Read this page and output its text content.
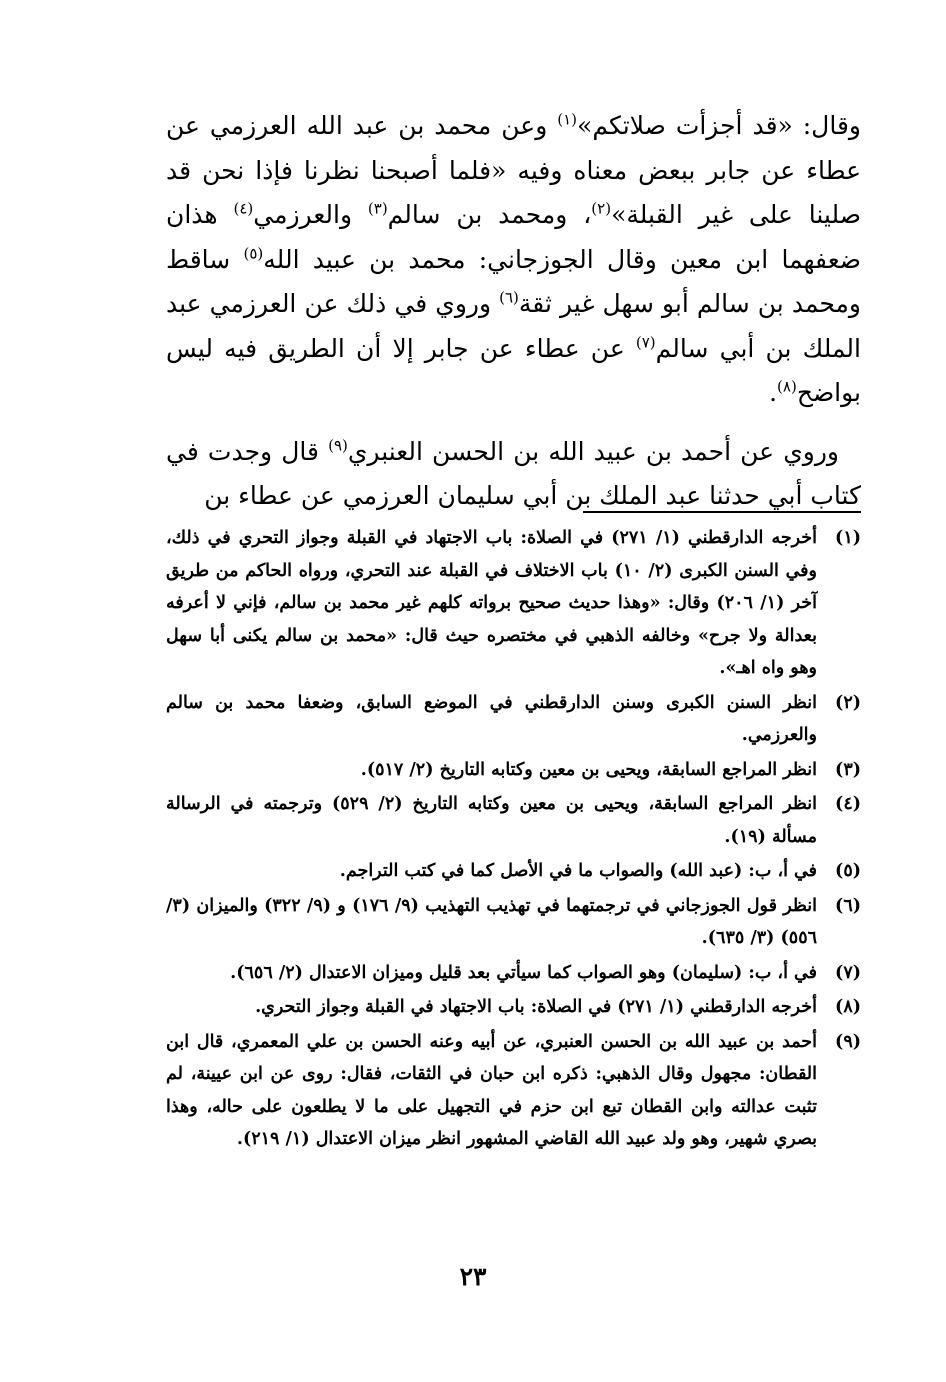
وقال: «قد أجزأت صلاتكم»$^{(١)}$ وعن محمد بن عبد الله العرزمي عن عطاء عن جابر ببعض معناه وفيه «فلما أصبحنا نظرنا فإذا نحن قد صلينا على غير القبلة»$^{(٢)}$، ومحمد بن سالم$^{(٣)}$ والعرزمي$^{(٤)}$ هذان ضعفهما ابن معين وقال الجوزجاني: محمد بن عبيد الله$^{(٥)}$ ساقط ومحمد بن سالم أبو سهل غير ثقة$^{(٦)}$ وروي في ذلك عن العرزمي عبد الملك بن أبي سالم$^{(٧)}$ عن عطاء عن جابر إلا أن الطريق فيه ليس بواضح$^{(٨)}$.

وروي عن أحمد بن عبيد الله بن الحسن العنبري$^{(٩)}$ قال وجدت في كتاب أبي حدثنا عبد الملك بن أبي سليمان العرزمي عن عطاء بن

(١)
أخرجه الدارقطني (١/ ٢٧١) في الصلاة: باب الاجتهاد في القبلة وجواز التحري في ذلك، وفي السنن الكبرى (٢/ ١٠) باب الاختلاف في القبلة عند التحري، ورواه الحاكم من طريق آخر (١/ ٢٠٦) وقال: «وهذا حديث صحيح برواته كلهم غير محمد بن سالم، فإني لا أعرفه بعدالة ولا جرح» وخالفه الذهبي في مختصره حيث قال: «محمد بن سالم يكنى أبا سهل وهو واه اهـ».
(٢)
انظر السنن الكبرى وسنن الدارقطني في الموضع السابق، وضعفا محمد بن سالم والعرزمي.
(٣)
انظر المراجع السابقة، ويحيى بن معين وكتابه التاريخ (٢/ ٥١٧).
(٤)
انظر المراجع السابقة، ويحيى بن معين وكتابه التاريخ (٢/ ٥٢٩) وترجمته في الرسالة مسألة (١٩).
(٥)
في أ، ب: (عبد الله) والصواب ما في الأصل كما في كتب التراجم.
(٦)
انظر قول الجوزجاني في ترجمتهما في تهذيب التهذيب (٩/ ١٧٦) و (٩/ ٣٢٢) والميزان (٣/ ٥٥٦) (٣/ ٦٣٥).
(٧)
في أ، ب: (سليمان) وهو الصواب كما سيأتي بعد قليل وميزان الاعتدال (٢/ ٦٥٦).
(٨)
أخرجه الدارقطني (١/ ٢٧١) في الصلاة: باب الاجتهاد في القبلة وجواز التحري.
(٩)
أحمد بن عبيد الله بن الحسن العنبري، عن أبيه وعنه الحسن بن علي المعمري، قال ابن القطان: مجهول وقال الذهبي: ذكره ابن حبان في الثقات، فقال: روى عن ابن عيينة، لم تثبت عدالته وابن القطان تبع ابن حزم في التجهيل على ما لا يطلعون على حاله، وهذا بصري شهير، وهو ولد عبيد الله القاضي المشهور انظر ميزان الاعتدال (١/ ٢١٩).
٢٣
